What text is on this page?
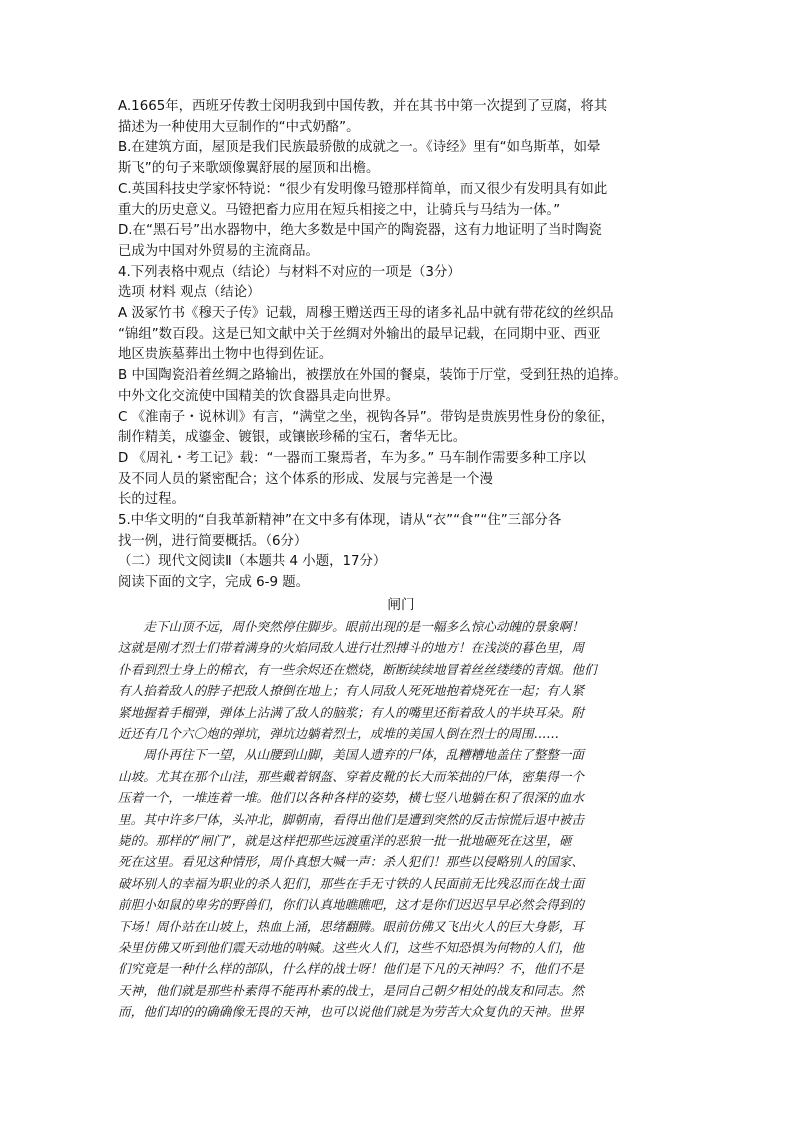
A.1665年，西班牙传教士闵明我到中国传教，并在其书中第一次提到了豆腐，将其

描述为一种使用大豆制作的“中式奶酪”。

B.在建筑方面，屋顶是我们民族最骄傲的成就之一。《诗经》里有“如鸟斯革，如晕

斯飞”的句子来歌颂像翼舒展的屋顶和出檐。

C.英国科技史学家怀特说：“很少有发明像马镫那样简单，而又很少有发明具有如此

重大的历史意义。马镫把畜力应用在短兵相接之中，让骑兵与马结为一体。”

D.在“黑石号”出水器物中，绝大多数是中国产的陶瓷器，这有力地证明了当时陶瓷

已成为中国对外贸易的主流商品。

4.下列表格中观点（结论）与材料不对应的一项是（3分）

选项 材料 观点（结论）

A 汲冢竹书《穆天子传》记载，周穆王赠送西王母的诸多礼品中就有带花纹的丝织品

“锦组”数百段。这是已知文献中关于丝绸对外输出的最早记载，在同期中亚、西亚

地区贵族墓葬出土物中也得到佐证。

B 中国陶瓷沿着丝绸之路输出，被摆放在外国的餐桌，装饰于厅堂，受到狂热的追捧。

中外文化交流使中国精美的饮食器具走向世界。

C 《淮南子・说林训》有言，“满堂之坐，视钩各异”。带钩是贵族男性身份的象征，

制作精美，成鎏金、镀银，或镶嵌珍稀的宝石，奢华无比。

D 《周礼・考工记》载：“一器而工聚焉者，车为多。” 马车制作需要多种工序以

及不同人员的紧密配合；这个体系的形成、发展与完善是一个漫

长的过程。

5.中华文明的“自我革新精神”在文中多有体现，请从“衣”“食”“住”三部分各

找一例，进行简要概括。（6分）

（二）现代文阅读Ⅱ（本题共 4 小题，17分）

阅读下面的文字，完成 6-9 题。

闸门

走下山顶不远，周仆突然停住脚步。眼前出现的是一幅多么惊心动魄的景象啊！

这就是刚才烈士们带着满身的火焰同敌人进行壮烈搏斗的地方！在浅淡的暮色里，周

仆看到烈士身上的棉衣，有一些余烬还在燃烧，断断续续地冒着丝丝缕缕的青烟。他们

有人掐着敌人的脖子把敌人撩倒在地上；有人同敌人死死地抱着烧死在一起；有人紧

紧地握着手榴弹，弹体上沾满了敌人的脑浆；有人的嘴里还衔着敌人的半块耳朵。附

近还有几个六〇炮的弹坑，弹坑边躺着烈士，成堆的美国人倒在烈士的周围……

周仆再往下一望，从山腰到山脚，美国人遗弃的尸体，乱糟糟地盖住了整整一面

山坡。尤其在那个山洼，那些戴着钢盔、穿着皮靴的长大而笨拙的尸体，密集得一个

压着一个，一堆连着一堆。他们以各种各样的姿势，横七竖八地躺在积了很深的血水

里。其中许多尸体，头冲北，脚朝南，看得出他们是遭到突然的反击惊慌后退中被击

毙的。那样的“闸门”，就是这样把那些远渡重洋的恶狼一批一批地砸死在这里，砸

死在这里。看见这种情形，周仆真想大喊一声：杀人犯们！那些以侵略别人的国家、

破坏别人的幸福为职业的杀人犯们，那些在手无寸铁的人民面前无比残忍而在战士面

前胆小如鼠的卑劣的野兽们，你们认真地瞧瞧吧，这才是你们迟迟早早必然会得到的

下场！周仆站在山坡上，热血上涌，思绪翻腾。眼前仿佛又飞出火人的巨大身影，耳

朵里仿佛又听到他们震天动地的呐喊。这些火人们，这些不知恐惧为何物的人们，他

们究竟是一种什么样的部队，什么样的战士呀！他们是下凡的天神吗？不，他们不是

天神，他们就是那些朴素得不能再朴素的战士，是同自己朝夕相处的战友和同志。然

而，他们却的的确确像无畏的天神，也可以说他们就是为劳苦大众复仇的天神。世界
